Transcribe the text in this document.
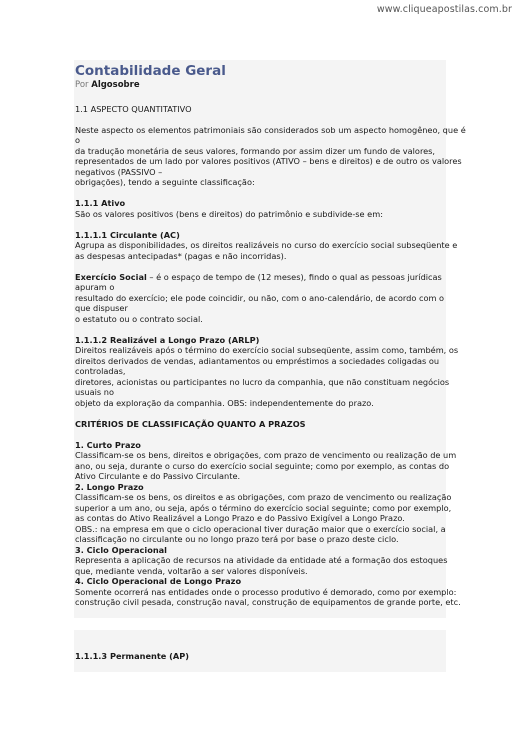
www.cliqueapostilas.com.br
Contabilidade Geral
Por Algosobre
1.1 ASPECTO QUANTITATIVO
Neste aspecto os elementos patrimoniais são considerados sob um aspecto homogêneo, que é
o
da tradução monetária de seus valores, formando por assim dizer um fundo de valores,
representados de um lado por valores positivos (ATIVO – bens e direitos) e de outro os valores
negativos (PASSIVO –
obrigações), tendo a seguinte classificação:
1.1.1 Ativo
São os valores positivos (bens e direitos) do patrimônio e subdivide-se em:
1.1.1.1 Circulante (AC)
Agrupa as disponibilidades, os direitos realizáveis no curso do exercício social subseqüente e
as despesas antecipadas* (pagas e não incorridas).
Exercício Social – é o espaço de tempo de (12 meses), findo o qual as pessoas jurídicas
apuram o
resultado do exercício; ele pode coincidir, ou não, com o ano-calendário, de acordo com o
que dispuser
o estatuto ou o contrato social.
1.1.1.2 Realizável a Longo Prazo (ARLP)
Direitos realizáveis após o término do exercício social subseqüente, assim como, também, os
direitos derivados de vendas, adiantamentos ou empréstimos a sociedades coligadas ou
controladas,
diretores, acionistas ou participantes no lucro da companhia, que não constituam negócios
usuais no
objeto da exploração da companhia. OBS: independentemente do prazo.
CRITÉRIOS DE CLASSIFICAÇÃO QUANTO A PRAZOS
1. Curto Prazo
Classificam-se os bens, direitos e obrigações, com prazo de vencimento ou realização de um
ano, ou seja, durante o curso do exercício social seguinte; como por exemplo, as contas do
Ativo Circulante e do Passivo Circulante.
2. Longo Prazo
Classificam-se os bens, os direitos e as obrigações, com prazo de vencimento ou realização
superior a um ano, ou seja, após o término do exercício social seguinte; como por exemplo,
as contas do Ativo Realizável a Longo Prazo e do Passivo Exigível a Longo Prazo.
OBS.: na empresa em que o ciclo operacional tiver duração maior que o exercício social, a
classificação no circulante ou no longo prazo terá por base o prazo deste ciclo.
3. Ciclo Operacional
Representa a aplicação de recursos na atividade da entidade até a formação dos estoques
que, mediante venda, voltarão a ser valores disponíveis.
4. Ciclo Operacional de Longo Prazo
Somente ocorrerá nas entidades onde o processo produtivo é demorado, como por exemplo:
construção civil pesada, construção naval, construção de equipamentos de grande porte, etc.
1.1.1.3 Permanente (AP)
